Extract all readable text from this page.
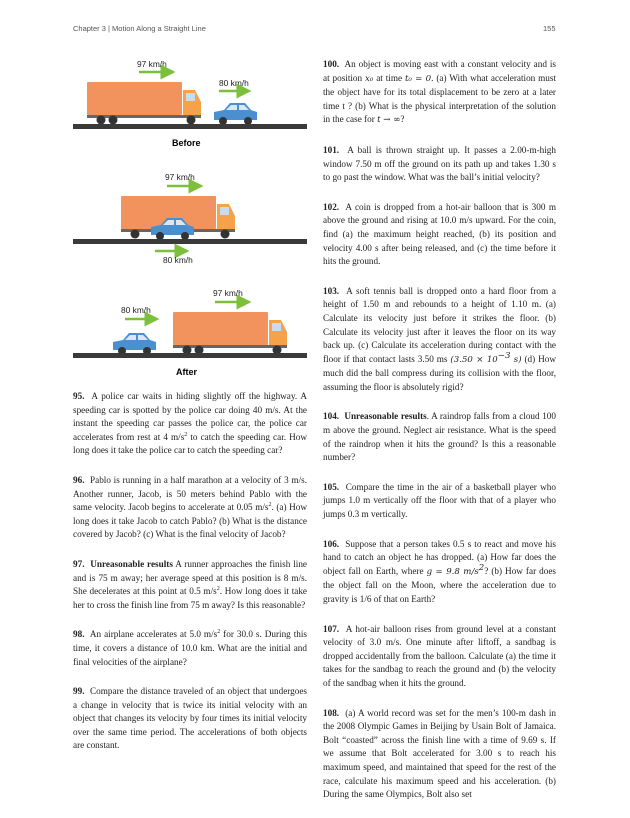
Chapter 3 | Motion Along a Straight Line	155
97 km/h
80 km/h
Before
97 km/h
80 km/h
97 km/h
80 km/h
After

95. A police car waits in hiding slightly off the highway. A speeding car is spotted by the police car doing 40 m/s. At the instant the speeding car passes the police car, the police car accelerates from rest at 4 $m/s^2$ to catch the speeding car. How long does it take the police car to catch the speeding car?

96. Pablo is running in a half marathon at a velocity of 3 m/s. Another runner, Jacob, is 50 meters behind Pablo with the same velocity. Jacob begins to accelerate at 0.05 $m/s^2$. (a) How long does it take Jacob to catch Pablo? (b) What is the distance covered by Jacob? (c) What is the final velocity of Jacob?

97. Unreasonable results A runner approaches the finish line and is 75 m away; her average speed at this position is 8 m/s. She decelerates at this point at 0.5 $m/s^2$. How long does it take her to cross the finish line from 75 m away? Is this reasonable?

98. An airplane accelerates at 5.0 $m/s^2$ for 30.0 s. During this time, it covers a distance of 10.0 km. What are the initial and final velocities of the airplane?

99. Compare the distance traveled of an object that undergoes a change in velocity that is twice its initial velocity with an object that changes its velocity by four times its initial velocity over the same time period. The accelerations of both objects are constant.

100. An object is moving east with a constant velocity and is at position x₀ at time t₀ = 0. (a) With what acceleration must the object have for its total displacement to be zero at a later time t ? (b) What is the physical interpretation of the solution in the case for t → ∞?

101. A ball is thrown straight up. It passes a 2.00-m-high window 7.50 m off the ground on its path up and takes 1.30 s to go past the window. What was the ball’s initial velocity?

102. A coin is dropped from a hot-air balloon that is 300 m above the ground and rising at 10.0 m/s upward. For the coin, find (a) the maximum height reached, (b) its position and velocity 4.00 s after being released, and (c) the time before it hits the ground.

103. A soft tennis ball is dropped onto a hard floor from a height of 1.50 m and rebounds to a height of 1.10 m. (a) Calculate its velocity just before it strikes the floor. (b) Calculate its velocity just after it leaves the floor on its way back up. (c) Calculate its acceleration during contact with the floor if that contact lasts 3.50 ms ($3.50 \times 10^{-3}$ s) (d) How much did the ball compress during its collision with the floor, assuming the floor is absolutely rigid?

104. Unreasonable results. A raindrop falls from a cloud 100 m above the ground. Neglect air resistance. What is the speed of the raindrop when it hits the ground? Is this a reasonable number?

105. Compare the time in the air of a basketball player who jumps 1.0 m vertically off the floor with that of a player who jumps 0.3 m vertically.

106. Suppose that a person takes 0.5 s to react and move his hand to catch an object he has dropped. (a) How far does the object fall on Earth, where g = 9.8 $m/s^2$? (b) How far does the object fall on the Moon, where the acceleration due to gravity is 1/6 of that on Earth?

107. A hot-air balloon rises from ground level at a constant velocity of 3.0 m/s. One minute after liftoff, a sandbag is dropped accidentally from the balloon. Calculate (a) the time it takes for the sandbag to reach the ground and (b) the velocity of the sandbag when it hits the ground.

108. (a) A world record was set for the men’s 100-m dash in the 2008 Olympic Games in Beijing by Usain Bolt of Jamaica. Bolt “coasted” across the finish line with a time of 9.69 s. If we assume that Bolt accelerated for 3.00 s to reach his maximum speed, and maintained that speed for the rest of the race, calculate his maximum speed and his acceleration. (b) During the same Olympics, Bolt also set
